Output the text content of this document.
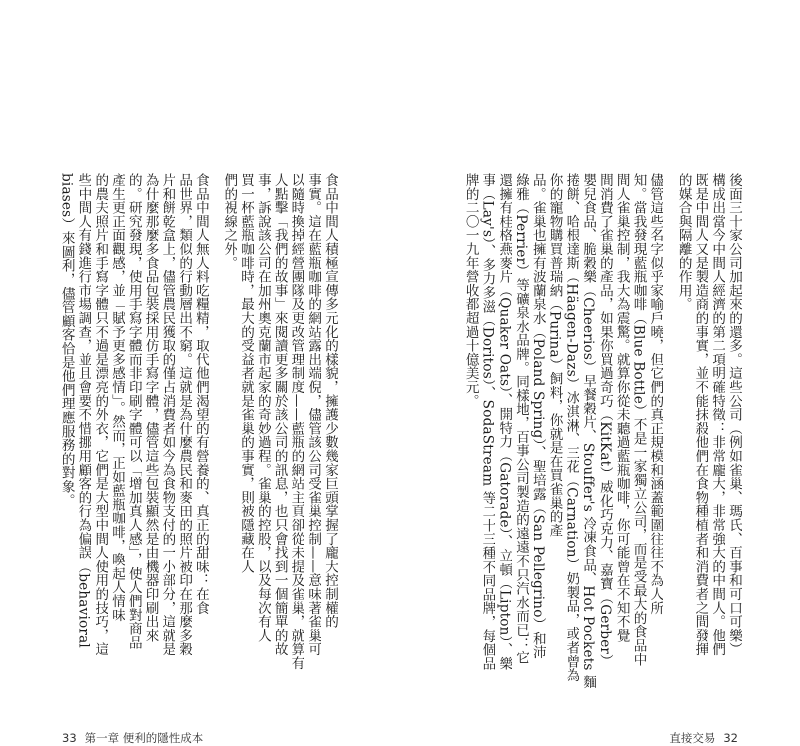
後面三十家公司加起來的還多。這些公司（例如雀巢、瑪氏、百事和可口可樂）
構成出當今中間人經濟的第二項明確特徵：非常龐大，非常強大的中間人。他們
既是中間人又是製造商的事實，並不能抹殺他們在食物種植者和消費者之間發揮
的媒合與隔離的作用。
儘管這些名字似乎家喻戶曉，但它們的真正規模和涵蓋範圍往往不為人所
知。當我發現藍瓶咖啡（Blue Bottle）不是一家獨立公司，而是受最大的食品中
間人雀巢控制，我大為震驚。就算你從未聽過藍瓶咖啡，你可能曾在不知不覺
間消費了雀巢的產品，如果你買過奇巧（KitKat）威化巧克力、嘉寶（Gerber）
嬰兒食品、脆穀樂（Cheerios）早餐穀片、Stouffer's 冷凍食品、Hot Pockets 麵
捲餅、哈根達斯（Häagen-Dazs）冰淇淋、三花（Carnation）奶製品，或者曾為
你的寵物購買普瑞納（Purina）飼料，你就是在買雀巢的產
品。雀巢也擁有波蘭泉水（Poland Spring）、聖培露（San Pellegrino）和沛
綠雅（Perrier）等礦泉水品牌。同樣地，百事公司製造的遠遠不只汽水而已：它
還擁有桂格燕麥片（Quaker Oats）、開特力（Gatorade）、立頓（Lipton）、樂
事（Lay's）、多力多滋（Doritos）、SodaStream 等二十三種不同品牌，每個品
牌的二〇一九年營收都超過十億美元。
直接交易 32
食品中間人積極宣傳多元化的樣貌，擁護少數幾家巨頭掌握了龐大控制權的
事實。這在藍瓶咖啡的網站露出端倪，儘管該公司受雀巢控制——意味著雀巢可
以隨時換掉經營團隊及更改管理制度——藍瓶的網站主頁卻從未提及雀巢，就算有
人點擊「我們的故事」來閱讀更多關於該公司的訊息，也只會找到一個簡單的故
事，訴說該公司在加州奧克蘭市起家的奇妙過程。雀巢的控股，以及每次有人
買一杯藍瓶咖啡時，最大的受益者就是雀巢的事實，則被隱藏在人
們的視線之外。
食品中間人無人料吃糧精，取代他們渴望的有營養的、真正的甜味：在食
品世界，類似的行動層出不窮。這就是為什麼農民和麥田的照片被印在那麼多穀
片和餅乾盒上，儘管農民獲取的僅占消費者如今為食物支付的一小部分，這就是
為什麼那麼多食品包裝採用仿手寫字體，儘管這些包裝顯然是由機器印刷出來
的。研究發現，使用手寫字體而非印刷字體可以「增加真人感」，使人們對商品
產生更正面觀感，並「賦予更多感情」。然而，正如藍瓶咖啡，喚起人情味
的農夫照片和手寫字體只不過是漂亮的外衣，它們是大型中間人使用的技巧，這
些中間人有錢進行市場調查，並且會要不惜挪用顧客的行為偏誤（behavioral
biases）來圖利，儘管顧客恰是他們理應服務的對象。
33 第一章 便利的隱性成本
